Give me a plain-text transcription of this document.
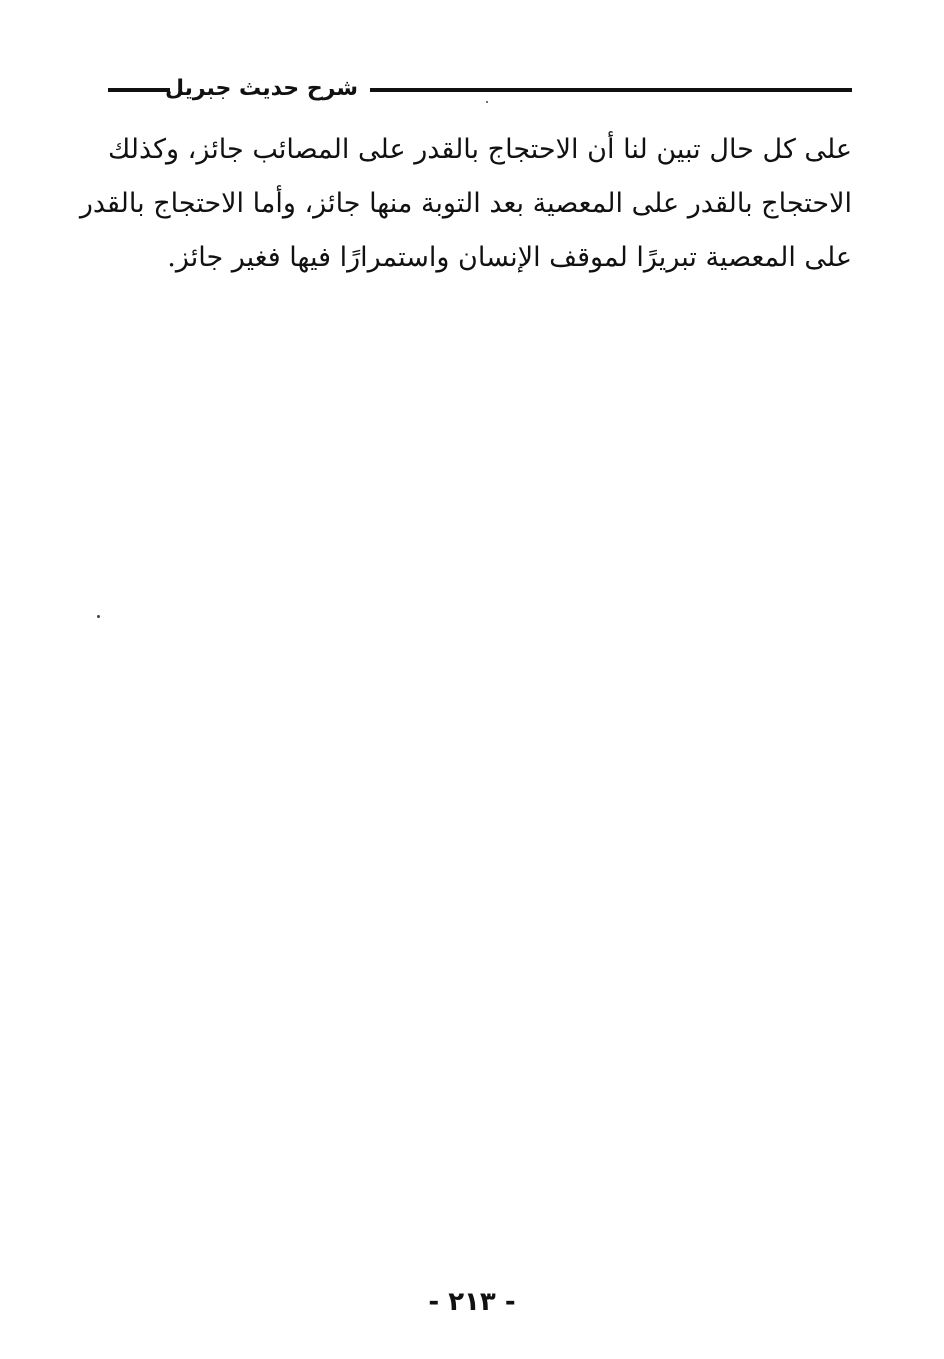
شرح حديث جبريل
على كل حال تبين لنا أن الاحتجاج بالقدر على المصائب جائز، وكذلك
الاحتجاج بالقدر على المعصية بعد التوبة منها جائز، وأما الاحتجاج بالقدر
على المعصية تبريرًا لموقف الإنسان واستمرارًا فيها فغير جائز.
- ٢١٣ -
